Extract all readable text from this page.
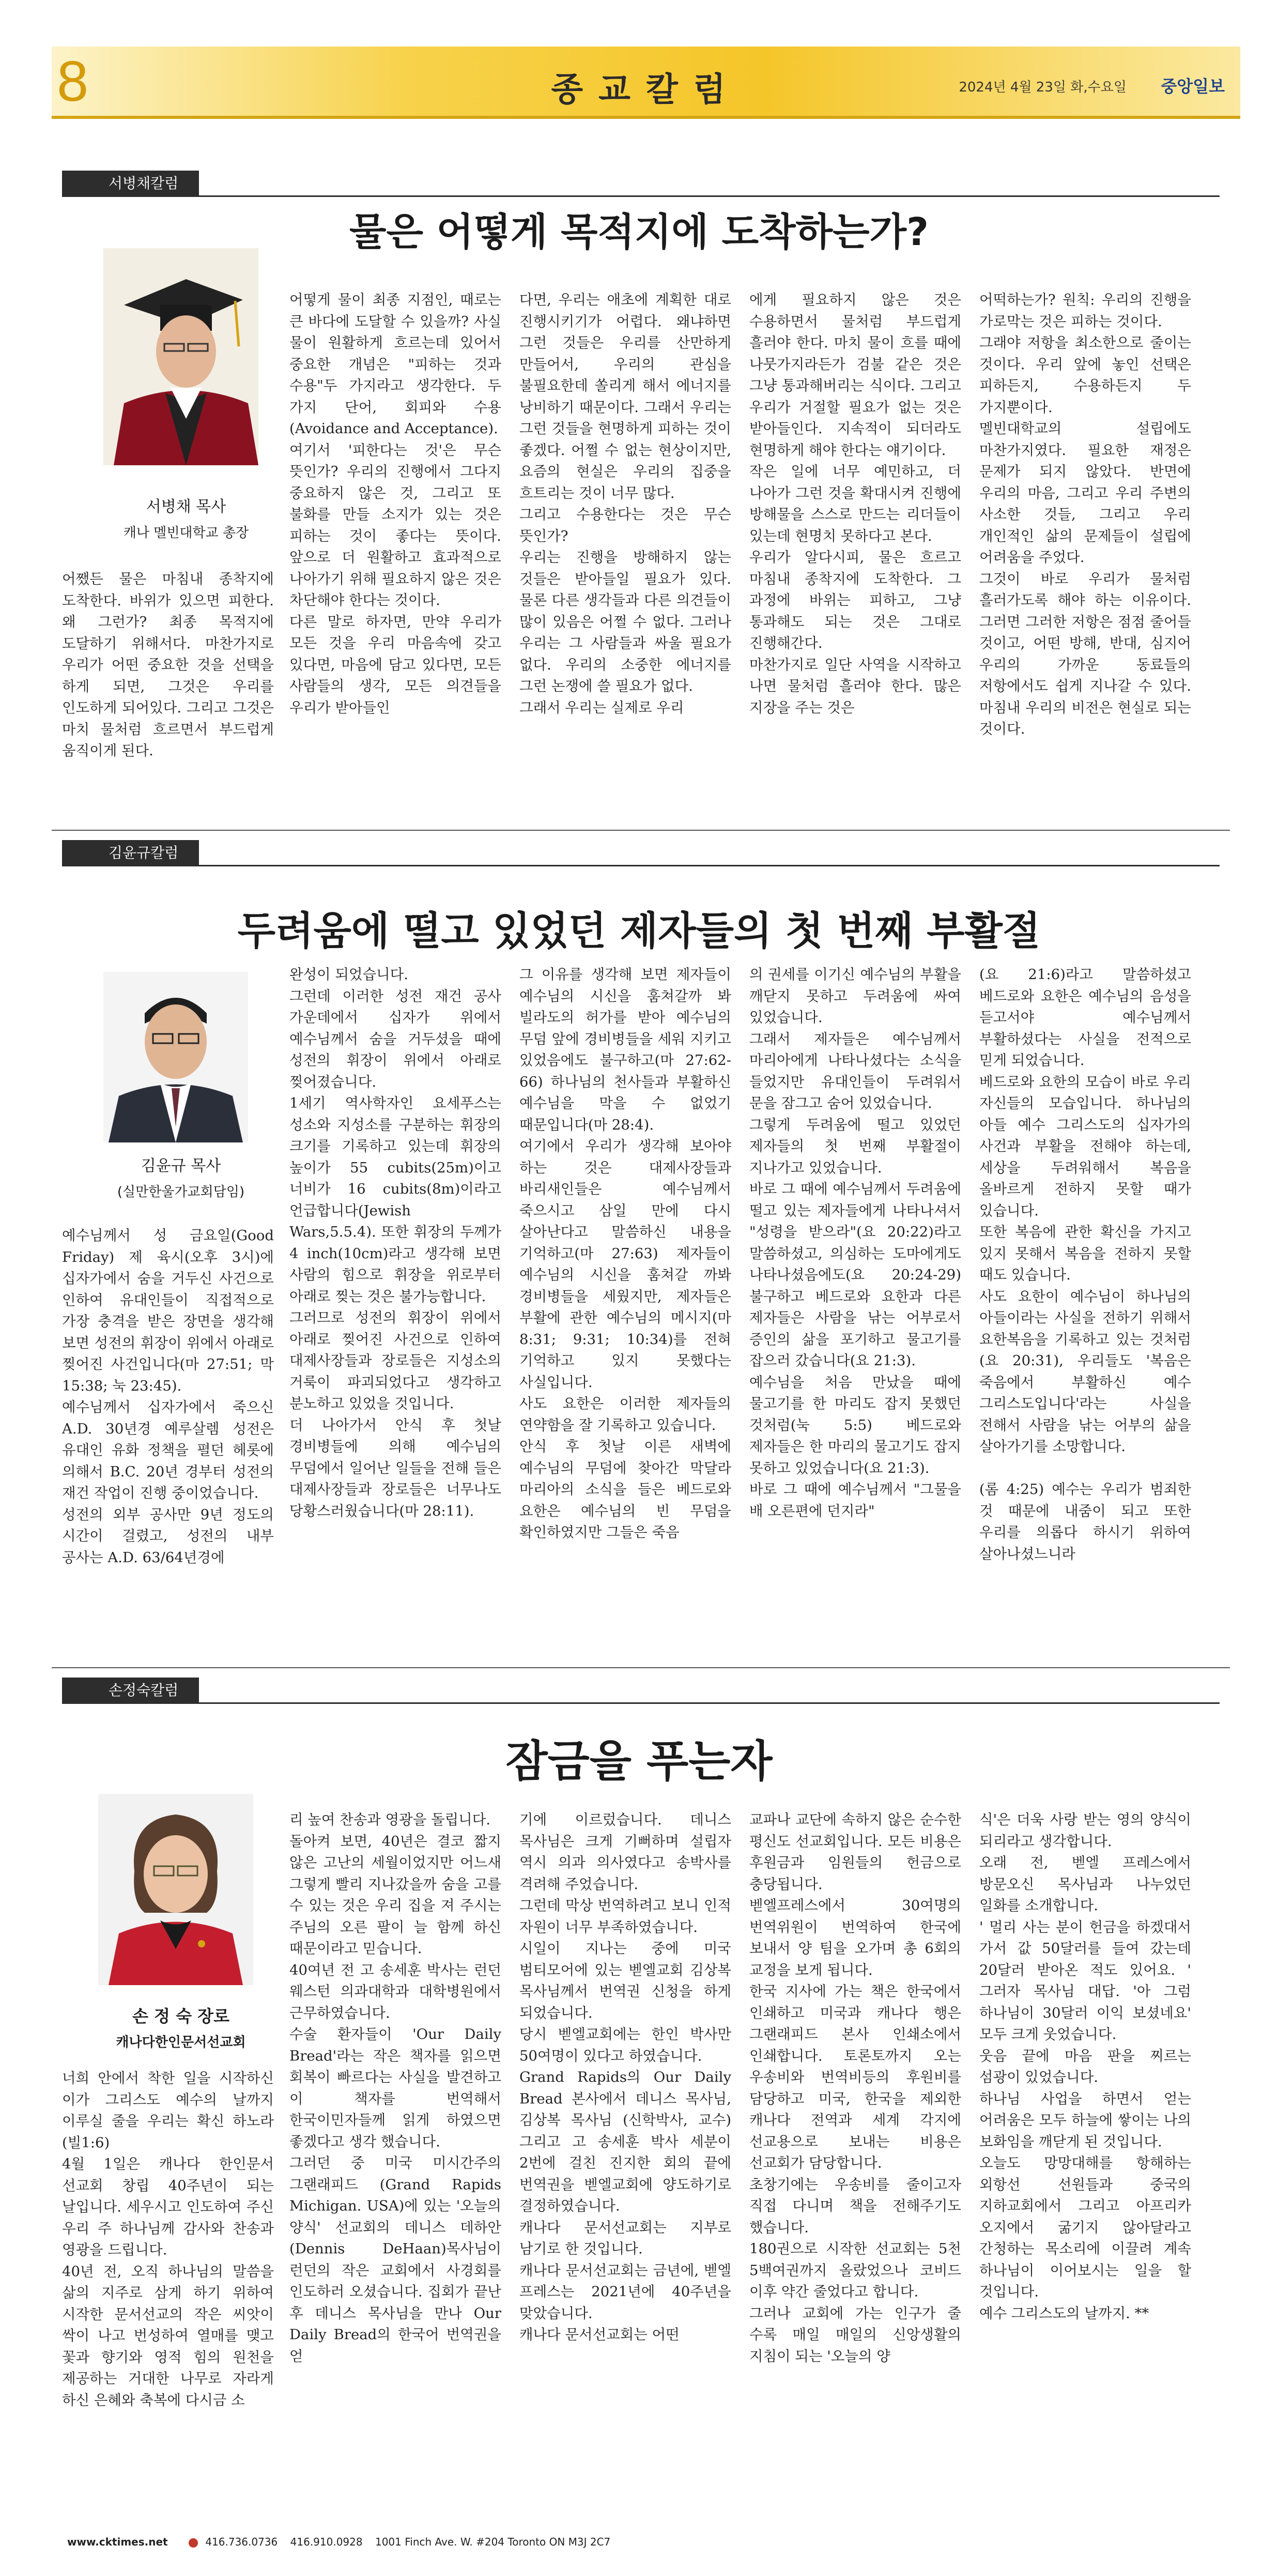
8	종교칼럼	2024년 4월 23일 화,수요일 중앙일보
서병채칼럼
물은 어떻게 목적지에 도착하는가?
서병채 목사
캐나 멜빈대학교 총장
어쨌든 물은 마침내 종착지에 도착한다. 바위가 있으면 피한다. 왜 그런가? 최종 목적지에 도달하기 위해서다. 마찬가지로 우리가 어떤 중요한 것을 선택을 하게 되면, 그것은 우리를 인도하게 되어있다. 그리고 그것은 마치 물처럼 흐르면서 부드럽게 움직이게 된다.
어떻게 물이 최종 지점인, 때로는 큰 바다에 도달할 수 있을까? 사실 물이 원활하게 흐르는데 있어서 중요한 개념은 "피하는 것과 수용"두 가지라고 생각한다. 두 가지 단어, 회피와 수용 (Avoidance and Acceptance).
여기서 '피한다는 것'은 무슨 뜻인가? 우리의 진행에서 그다지 중요하지 않은 것, 그리고 또 불화를 만들 소지가 있는 것은 피하는 것이 좋다는 뜻이다. 앞으로 더 원활하고 효과적으로 나아가기 위해 필요하지 않은 것은 차단해야 한다는 것이다.
다른 말로 하자면, 만약 우리가 모든 것을 우리 마음속에 갖고 있다면, 마음에 담고 있다면, 모든 사람들의 생각, 모든 의견들을 우리가 받아들인
다면, 우리는 애초에 계획한 대로 진행시키기가 어렵다. 왜냐하면 그런 것들은 우리를 산만하게 만들어서, 우리의 관심을 불필요한데 쏠리게 해서 에너지를 낭비하기 때문이다. 그래서 우리는 그런 것들을 현명하게 피하는 것이 좋겠다. 어쩔 수 없는 현상이지만, 요즘의 현실은 우리의 집중을 흐트리는 것이 너무 많다.
그리고 수용한다는 것은 무슨 뜻인가?
우리는 진행을 방해하지 않는 것들은 받아들일 필요가 있다. 물론 다른 생각들과 다른 의견들이 많이 있음은 어쩔 수 없다. 그러나 우리는 그 사람들과 싸울 필요가 없다. 우리의 소중한 에너지를 그런 논쟁에 쓸 필요가 없다.
그래서 우리는 실제로 우리
에게 필요하지 않은 것은 수용하면서 물처럼 부드럽게 흘러야 한다. 마치 물이 흐를 때에 나뭇가지라든가 검불 같은 것은 그냥 통과해버리는 식이다. 그리고 우리가 거절할 필요가 없는 것은 받아들인다. 지속적이 되더라도 현명하게 해야 한다는 얘기이다.
작은 일에 너무 예민하고, 더 나아가 그런 것을 확대시켜 진행에 방해물을 스스로 만드는 리더들이 있는데 현명치 못하다고 본다.
우리가 알다시피, 물은 흐르고 마침내 종착지에 도착한다. 그 과정에 바위는 피하고, 그냥 통과해도 되는 것은 그대로 진행해간다.
마찬가지로 일단 사역을 시작하고 나면 물처럼 흘러야 한다. 많은 지장을 주는 것은
어떡하는가? 원칙: 우리의 진행을 가로막는 것은 피하는 것이다.
그래야 저항을 최소한으로 줄이는 것이다. 우리 앞에 놓인 선택은 피하든지, 수용하든지 두 가지뿐이다.
멜빈대학교의 설립에도 마찬가지였다. 필요한 재정은 문제가 되지 않았다. 반면에 우리의 마음, 그리고 우리 주변의 사소한 것들, 그리고 우리 개인적인 삶의 문제들이 설립에 어려움을 주었다.
그것이 바로 우리가 물처럼 흘러가도록 해야 하는 이유이다. 그러면 그러한 저항은 점점 줄어들 것이고, 어떤 방해, 반대, 심지어 우리의 가까운 동료들의 저항에서도 쉽게 지나갈 수 있다. 마침내 우리의 비전은 현실로 되는 것이다.
김윤규칼럼
두려움에 떨고 있었던 제자들의 첫 번째 부활절
김윤규 목사
(실만한울가교회담임)
예수님께서 성 금요일(Good Friday) 제 육시(오후 3시)에 십자가에서 숨을 거두신 사건으로 인하여 유대인들이 직접적으로 가장 충격을 받은 장면을 생각해 보면 성전의 휘장이 위에서 아래로 찢어진 사건입니다(마 27:51; 막 15:38; 눅 23:45).
예수님께서 십자가에서 죽으신 A.D. 30년경 예루살렘 성전은 유대인 유화 정책을 펼던 헤롯에 의해서 B.C. 20년 경부터 성전의 재건 작업이 진행 중이었습니다.
성전의 외부 공사만 9년 정도의 시간이 걸렸고, 성전의 내부 공사는 A.D. 63/64년경에
완성이 되었습니다.
그런데 이러한 성전 재건 공사 가운데에서 십자가 위에서 예수님께서 숨을 거두셨을 때에 성전의 휘장이 위에서 아래로 찢어졌습니다.
1세기 역사학자인 요세푸스는 성소와 지성소를 구분하는 휘장의 크기를 기록하고 있는데 휘장의 높이가 55 cubits(25m)이고 너비가 16 cubits(8m)이라고 언급합니다(Jewish Wars,5.5.4). 또한 휘장의 두께가 4 inch(10cm)라고 생각해 보면 사람의 힘으로 휘장을 위로부터 아래로 찢는 것은 불가능합니다.
그러므로 성전의 휘장이 위에서 아래로 찢어진 사건으로 인하여 대제사장들과 장로들은 지성소의 거룩이 파괴되었다고 생각하고 분노하고 있었을 것입니다.
더 나아가서 안식 후 첫날 경비병들에 의해 예수님의 무덤에서 일어난 일들을 전해 들은 대제사장들과 장로들은 너무나도 당황스러웠습니다(마 28:11).
그 이유를 생각해 보면 제자들이 예수님의 시신을 훔쳐갈까 봐 빌라도의 허가를 받아 예수님의 무덤 앞에 경비병들을 세워 지키고 있었음에도 불구하고(마 27:62-66) 하나님의 천사들과 부활하신 예수님을 막을 수 없었기 때문입니다(마 28:4).
여기에서 우리가 생각해 보아야 하는 것은 대제사장들과 바리새인들은 예수님께서 죽으시고 삼일 만에 다시 살아난다고 말씀하신 내용을 기억하고(마 27:63) 제자들이 예수님의 시신을 훔쳐갈 까봐 경비병들을 세웠지만, 제자들은 부활에 관한 예수님의 메시지(마 8:31; 9:31; 10:34)를 전혀 기억하고 있지 못했다는 사실입니다.
사도 요한은 이러한 제자들의 연약함을 잘 기록하고 있습니다.
안식 후 첫날 이른 새벽에 예수님의 무덤에 찾아간 막달라 마리아의 소식을 들은 베드로와 요한은 예수님의 빈 무덤을 확인하였지만 그들은 죽음
의 권세를 이기신 예수님의 부활을 깨닫지 못하고 두려움에 싸여 있었습니다.
그래서 제자들은 예수님께서 마리아에게 나타나셨다는 소식을 들었지만 유대인들이 두려워서 문을 잠그고 숨어 있었습니다.
그렇게 두려움에 떨고 있었던 제자들의 첫 번째 부활절이 지나가고 있었습니다.
바로 그 때에 예수님께서 두려움에 떨고 있는 제자들에게 나타나셔서 "성령을 받으라"(요 20:22)라고 말씀하셨고, 의심하는 도마에게도 나타나셨음에도(요 20:24-29) 불구하고 베드로와 요한과 다른 제자들은 사람을 낚는 어부로서 증인의 삶을 포기하고 물고기를 잡으러 갔습니다(요 21:3).
예수님을 처음 만났을 때에 물고기를 한 마리도 잡지 못했던 것처럼(눅 5:5) 베드로와 제자들은 한 마리의 물고기도 잡지 못하고 있었습니다(요 21:3).
바로 그 때에 예수님께서 "그물을 배 오른편에 던지라"
(요 21:6)라고 말씀하셨고 베드로와 요한은 예수님의 음성을 듣고서야 예수님께서 부활하셨다는 사실을 전적으로 믿게 되었습니다.
베드로와 요한의 모습이 바로 우리 자신들의 모습입니다. 하나님의 아들 예수 그리스도의 십자가의 사건과 부활을 전해야 하는데, 세상을 두려워해서 복음을 올바르게 전하지 못할 때가 있습니다.
또한 복음에 관한 확신을 가지고 있지 못해서 복음을 전하지 못할 때도 있습니다.
사도 요한이 예수님이 하나님의 아들이라는 사실을 전하기 위해서 요한복음을 기록하고 있는 것처럼(요 20:31), 우리들도 '복음은 죽음에서 부활하신 예수 그리스도입니다'라는 사실을 전해서 사람을 낚는 어부의 삶을 살아가기를 소망합니다.

(롬 4:25) 예수는 우리가 범죄한 것 때문에 내줌이 되고 또한 우리를 의롭다 하시기 위하여 살아나셨느니라
손정숙칼럼
잠금을 푸는자
손 정 숙 장로
캐나다한인문서선교회
너희 안에서 착한 일을 시작하신 이가 그리스도 예수의 날까지 이루실 줄을 우리는 확신 하노라 (빌1:6)
4월 1일은 캐나다 한인문서 선교회 창립 40주년이 되는 날입니다. 세우시고 인도하여 주신 우리 주 하나님께 감사와 찬송과 영광을 드립니다.
40년 전, 오직 하나님의 말씀을 삶의 지주로 삼게 하기 위하여 시작한 문서선교의 작은 씨앗이 싹이 나고 번성하여 열매를 맺고 꽃과 향기와 영적 힘의 원천을 제공하는 거대한 나무로 자라게 하신 은혜와 축복에 다시금 소
리 높여 찬송과 영광을 돌립니다.
돌아켜 보면, 40년은 결코 짧지 않은 고난의 세월이었지만 어느새 그렇게 빨리 지나갔을까 숨을 고를 수 있는 것은 우리 집을 져 주시는 주님의 오른 팔이 늘 함께 하신 때문이라고 믿습니다.
40여년 전 고 송세훈 박사는 런던 웨스턴 의과대학과 대학병원에서 근무하였습니다.
수술 환자들이 'Our Daily Bread'라는 작은 책자를 읽으면 회복이 빠르다는 사실을 발견하고 이 책자를 번역해서 한국이민자들께 읽게 하였으면 좋겠다고 생각 했습니다.
그러던 중 미국 미시간주의 그랜래피드 (Grand Rapids Michigan. USA)에 있는 '오늘의 양식' 선교회의 데니스 데하안(Dennis DeHaan)목사님이 런던의 작은 교회에서 사경회를 인도하러 오셨습니다. 집회가 끝난 후 데니스 목사님을 만나 Our Daily Bread의 한국어 번역권을 얻
기에 이르렀습니다. 데니스 목사님은 크게 기뻐하며 설립자 역시 의과 의사였다고 송박사를 격려해 주었습니다.
그런데 막상 번역하려고 보니 인적 자원이 너무 부족하였습니다.
시일이 지나는 중에 미국 범티모어에 있는 벧엘교회 김상복 목사님께서 번역권 신청을 하게 되었습니다.
당시 벧엘교회에는 한인 박사만 50여명이 있다고 하였습니다.
Grand Rapids의 Our Daily Bread 본사에서 데니스 목사님, 김상복 목사님 (신학박사, 교수) 그리고 고 송세훈 박사 세분이 2번에 걸친 진지한 회의 끝에 번역권을 벧엘교회에 양도하기로 결정하였습니다.
캐나다 문서선교회는 지부로 남기로 한 것입니다.
캐나다 문서선교회는 금년에, 벧엘 프레스는 2021년에 40주년을 맞았습니다.
캐나다 문서선교회는 어떤
교파나 교단에 속하지 않은 순수한 평신도 선교회입니다. 모든 비용은 후원금과 임원들의 헌금으로 충당됩니다.
벧엘프레스에서 30여명의 번역위원이 번역하여 한국에 보내서 양 팀을 오가며 총 6회의 교정을 보게 됩니다.
한국 지사에 가는 책은 한국에서 인쇄하고 미국과 캐나다 행은 그랜래피드 본사 인쇄소에서 인쇄합니다. 토론토까지 오는 우송비와 번역비등의 후원비를 담당하고 미국, 한국을 제외한 캐나다 전역과 세계 각지에 선교용으로 보내는 비용은 선교회가 담당합니다.
초창기에는 우송비를 줄이고자 직접 다니며 책을 전해주기도 했습니다.
180권으로 시작한 선교회는 5천 5백여권까지 올랐었으나 코비드 이후 약간 줄었다고 합니다.
그러나 교회에 가는 인구가 줄 수록 매일 매일의 신앙생활의 지침이 되는 '오늘의 양
식'은 더욱 사랑 받는 영의 양식이 되리라고 생각합니다.
오래 전, 벧엘 프레스에서 방문오신 목사님과 나누었던 일화를 소개합니다.
' 멀리 사는 분이 헌금을 하겠대서 가서 값 50달러를 들여 갔는데 20달러 받아온 적도 있어요. ' 그러자 목사님 대답. '아 그럼 하나님이 30달러 이익 보셨네요' 모두 크게 웃었습니다.
웃음 끝에 마음 판을 찌르는 섬광이 있었습니다.
하나님 사업을 하면서 얻는 어려움은 모두 하늘에 쌓이는 나의 보화임을 깨닫게 된 것입니다.
오늘도 망망대해를 항해하는 외항선 선원들과 중국의 지하교회에서 그리고 아프리카 오지에서 굶기지 않아달라고 간청하는 목소리에 이끌려 계속 하나님이 이어보시는 일을 할 것입니다.
예수 그리스도의 날까지. **
www.cktimes.net	416.736.0736 416.910.0928 1001 Finch Ave. W. #204 Toronto ON M3J 2C7
